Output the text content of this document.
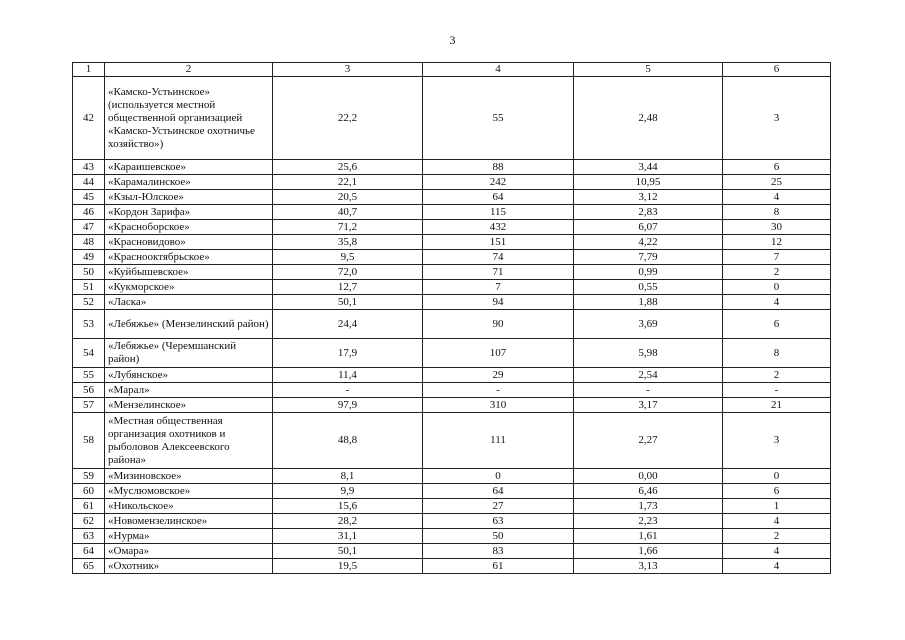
3
1	2	3	4	5	6
42	«Камско-Устьинское» (используется местной общественной организацией «Камско-Устьинское охотничье хозяйство»)	22,2	55	2,48	3
43	«Караишевское»	25,6	88	3,44	6
44	«Карамалинское»	22,1	242	10,95	25
45	«Кзыл-Юлское»	20,5	64	3,12	4
46	«Кордон Зарифа»	40,7	115	2,83	8
47	«Красноборское»	71,2	432	6,07	30
48	«Красновидово»	35,8	151	4,22	12
49	«Краснооктябрьское»	9,5	74	7,79	7
50	«Куйбышевское»	72,0	71	0,99	2
51	«Кукморское»	12,7	7	0,55	0
52	«Ласка»	50,1	94	1,88	4
53	«Лебяжье» (Мензелинский район)	24,4	90	3,69	6
54	«Лебяжье» (Черемшанский район)	17,9	107	5,98	8
55	«Лубянское»	11,4	29	2,54	2
56	«Марал»	-	-	-	-
57	«Мензелинское»	97,9	310	3,17	21
58	«Местная общественная организация охотников и рыболовов Алексеевского района»	48,8	111	2,27	3
59	«Мизиновское»	8,1	0	0,00	0
60	«Муслюмовское»	9,9	64	6,46	6
61	«Никольское»	15,6	27	1,73	1
62	«Новомензелинское»	28,2	63	2,23	4
63	«Нурма»	31,1	50	1,61	2
64	«Омара»	50,1	83	1,66	4
65	«Охотник»	19,5	61	3,13	4
